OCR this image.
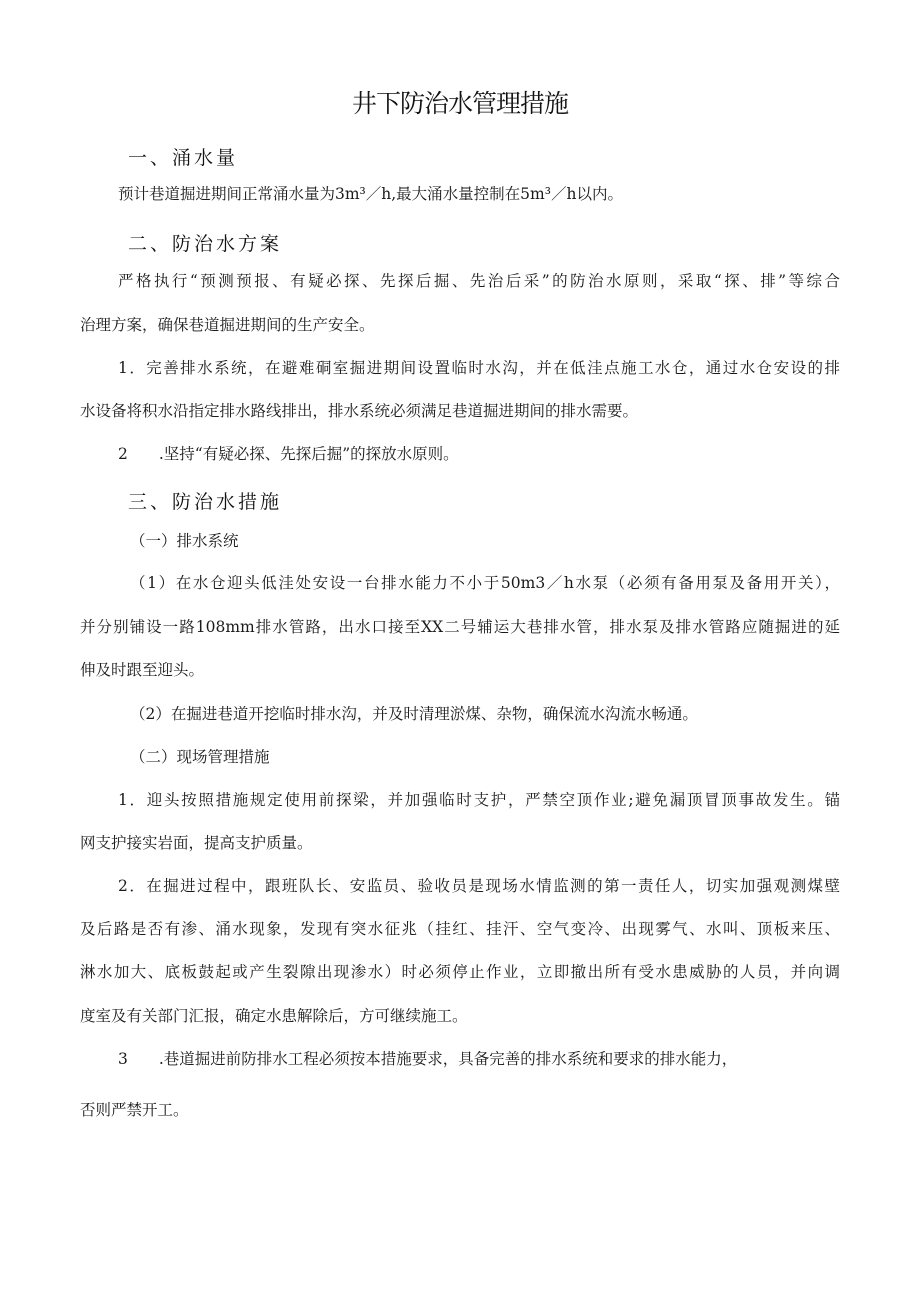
井下防治水管理措施
一、涌水量
预计巷道掘进期间正常涌水量为3m³／h,最大涌水量控制在5m³／h以内。
二、防治水方案
严格执行“预测预报、有疑必探、先探后掘、先治后采”的防治水原则，采取“探、排”等综合
治理方案，确保巷道掘进期间的生产安全。
1．完善排水系统，在避难硐室掘进期间设置临时水沟，并在低洼点施工水仓，通过水仓安设的排
水设备将积水沿指定排水路线排出，排水系统必须满足巷道掘进期间的排水需要。
2　　.坚持“有疑必探、先探后掘”的探放水原则。
三、防治水措施
（一）排水系统
（1）在水仓迎头低洼处安设一台排水能力不小于50m3／h水泵（必须有备用泵及备用开关），
并分别铺设一路108mm排水管路，出水口接至XX二号辅运大巷排水管，排水泵及排水管路应随掘进的延
伸及时跟至迎头。
（2）在掘进巷道开挖临时排水沟，并及时清理淤煤、杂物，确保流水沟流水畅通。
（二）现场管理措施
1．迎头按照措施规定使用前探梁，并加强临时支护，严禁空顶作业;避免漏顶冒顶事故发生。锚
网支护接实岩面，提高支护质量。
2．在掘进过程中，跟班队长、安监员、验收员是现场水情监测的第一责任人，切实加强观测煤壁
及后路是否有渗、涌水现象，发现有突水征兆（挂红、挂汗、空气变冷、出现雾气、水叫、顶板来压、
淋水加大、底板鼓起或产生裂隙出现渗水）时必须停止作业，立即撤出所有受水患威胁的人员，并向调
度室及有关部门汇报，确定水患解除后，方可继续施工。
3　　.巷道掘进前防排水工程必须按本措施要求，具备完善的排水系统和要求的排水能力，
否则严禁开工。
